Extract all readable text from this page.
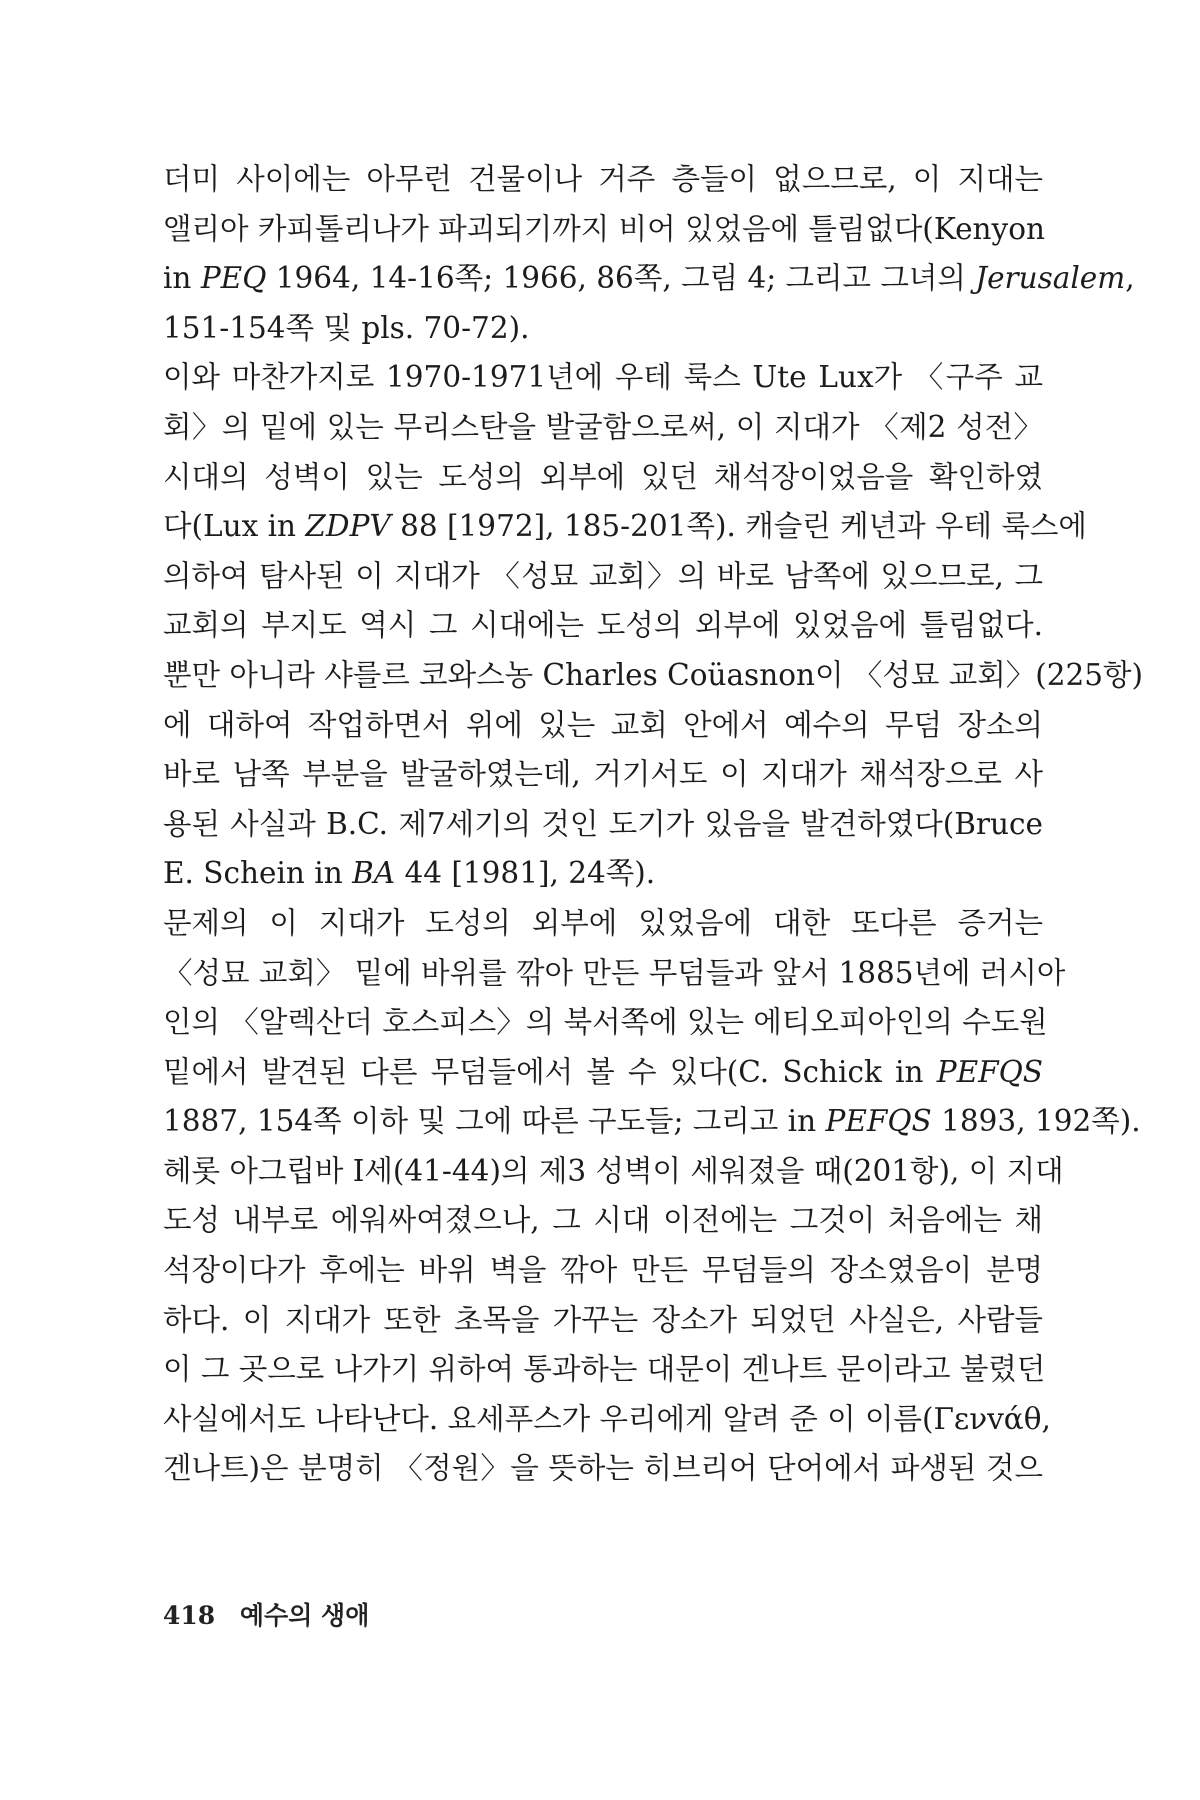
더미 사이에는 아무런 건물이나 거주 층들이 없으므로, 이 지대는
앨리아 카피톨리나가 파괴되기까지 비어 있었음에 틀림없다(Kenyon
in PEQ 1964, 14-16쪽; 1966, 86쪽, 그림 4; 그리고 그녀의 Jerusalem,
151-154쪽 및 pls. 70-72).
이와 마찬가지로 1970-1971년에 우테 룩스 Ute Lux가 〈구주 교
회〉의 밑에 있는 무리스탄을 발굴함으로써, 이 지대가 〈제2 성전〉
시대의 성벽이 있는 도성의 외부에 있던 채석장이었음을 확인하였
다(Lux in ZDPV 88 [1972], 185-201쪽). 캐슬린 케년과 우테 룩스에
의하여 탐사된 이 지대가 〈성묘 교회〉의 바로 남쪽에 있으므로, 그
교회의 부지도 역시 그 시대에는 도성의 외부에 있었음에 틀림없다.
뿐만 아니라 샤를르 코와스농 Charles Coüasnon이 〈성묘 교회〉(225항)
에 대하여 작업하면서 위에 있는 교회 안에서 예수의 무덤 장소의
바로 남쪽 부분을 발굴하였는데, 거기서도 이 지대가 채석장으로 사
용된 사실과 B.C. 제7세기의 것인 도기가 있음을 발견하였다(Bruce
E. Schein in BA 44 [1981], 24쪽).
문제의 이 지대가 도성의 외부에 있었음에 대한 또다른 증거는
〈성묘 교회〉 밑에 바위를 깎아 만든 무덤들과 앞서 1885년에 러시아
인의 〈알렉산더 호스피스〉의 북서쪽에 있는 에티오피아인의 수도원
밑에서 발견된 다른 무덤들에서 볼 수 있다(C. Schick in PEFQS
1887, 154쪽 이하 및 그에 따른 구도들; 그리고 in PEFQS 1893, 192쪽).
헤롯 아그립바 I세(41-44)의 제3 성벽이 세워졌을 때(201항), 이 지대
도성 내부로 에워싸여졌으나, 그 시대 이전에는 그것이 처음에는 채
석장이다가 후에는 바위 벽을 깎아 만든 무덤들의 장소였음이 분명
하다. 이 지대가 또한 초목을 가꾸는 장소가 되었던 사실은, 사람들
이 그 곳으로 나가기 위하여 통과하는 대문이 겐나트 문이라고 불렸던
사실에서도 나타난다. 요세푸스가 우리에게 알려 준 이 이름(Γενvάθ,
겐나트)은 분명히 〈정원〉을 뜻하는 히브리어 단어에서 파생된 것으
418 예수의 생애
